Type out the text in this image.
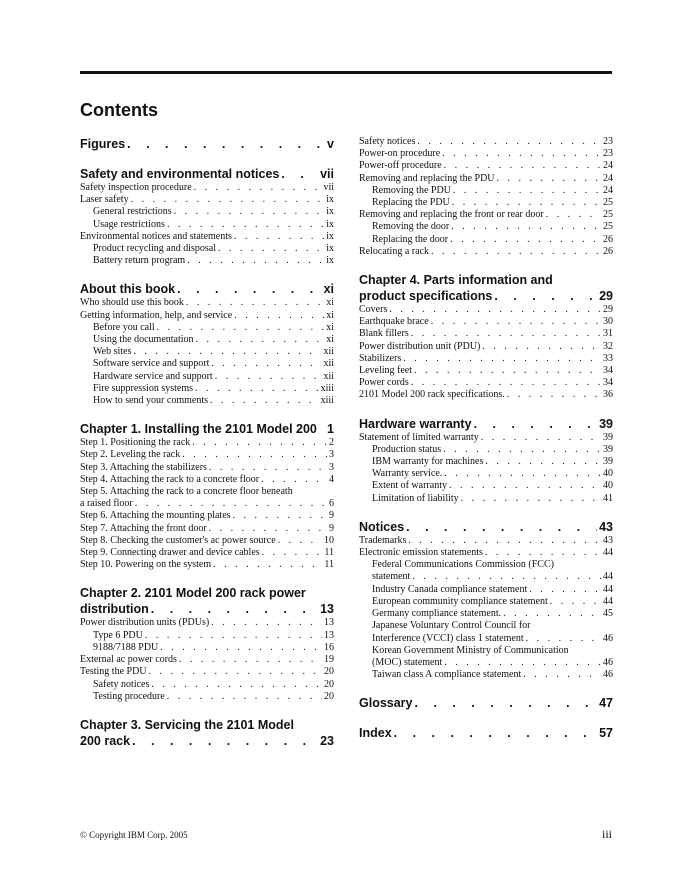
Contents
Figures . . .	v
Safety and environmental notices . . .	vii
Safety inspection procedure . . .	vii
Laser safety . . .	ix
General restrictions . . .	ix
Usage restrictions . . .	ix
Environmental notices and statements . . .	ix
Product recycling and disposal . . .	ix
Battery return program . . .	ix
About this book . . .	xi
Who should use this book . . .	xi
Getting information, help, and service . . .	xi
Before you call . . .	xi
Using the documentation . . .	xi
Web sites . . .	xii
Software service and support . . .	xii
Hardware service and support . . .	xii
Fire suppression systems . . .	xiii
How to send your comments . . .	xiii
Chapter 1. Installing the 2101 Model 200 1
Step 1. Positioning the rack . . .	2
Step 2. Leveling the rack . . .	3
Step 3. Attaching the stabilizers . . .	3
Step 4. Attaching the rack to a concrete floor . . .	4
Step 5. Attaching the rack to a concrete floor beneath
a raised floor . . .	6
Step 6. Attaching the mounting plates . . .	9
Step 7. Attaching the front door . . .	9
Step 8. Checking the customer's ac power source . . .	10
Step 9. Connecting drawer and device cables . . .	11
Step 10. Powering on the system . . .	11
Chapter 2. 2101 Model 200 rack power
distribution . . .	13
Power distribution units (PDUs) . . .	13
Type 6 PDU . . .	13
9188/7188 PDU . . .	16
External ac power cords . . .	19
Testing the PDU . . .	20
Safety notices . . .	20
Testing procedure . . .	20
Chapter 3. Servicing the 2101 Model
200 rack . . .	23
Safety notices . . .	23
Power-on procedure . . .	23
Power-off procedure . . .	24
Removing and replacing the PDU . . .	24
Removing the PDU . . .	24
Replacing the PDU . . .	25
Removing and replacing the front or rear door . . .	25
Removing the door . . .	25
Replacing the door . . .	26
Relocating a rack . . .	26
Chapter 4. Parts information and
product specifications . . .	29
Covers . . .	29
Earthquake brace . . .	30
Blank fillers . . .	31
Power distribution unit (PDU) . . .	32
Stabilizers . . .	33
Leveling feet . . .	34
Power cords . . .	34
2101 Model 200 rack specifications. . . .	36
Hardware warranty . . .	39
Statement of limited warranty . . .	39
Production status . . .	39
IBM warranty for machines . . .	39
Warranty service. . . .	40
Extent of warranty . . .	40
Limitation of liability . . .	41
Notices . . .	43
Trademarks . . .	43
Electronic emission statements . . .	44
Federal Communications Commission (FCC)
statement . . .	44
Industry Canada compliance statement . . .	44
European community compliance statement . . .	44
Germany compliance statement. . . .	45
Japanese Voluntary Control Council for
Interference (VCCI) class 1 statement . . .	46
Korean Government Ministry of Communication
(MOC) statement . . .	46
Taiwan class A compliance statement . . .	46
Glossary . . .	47
Index . . .	57
© Copyright IBM Corp. 2005	iii
